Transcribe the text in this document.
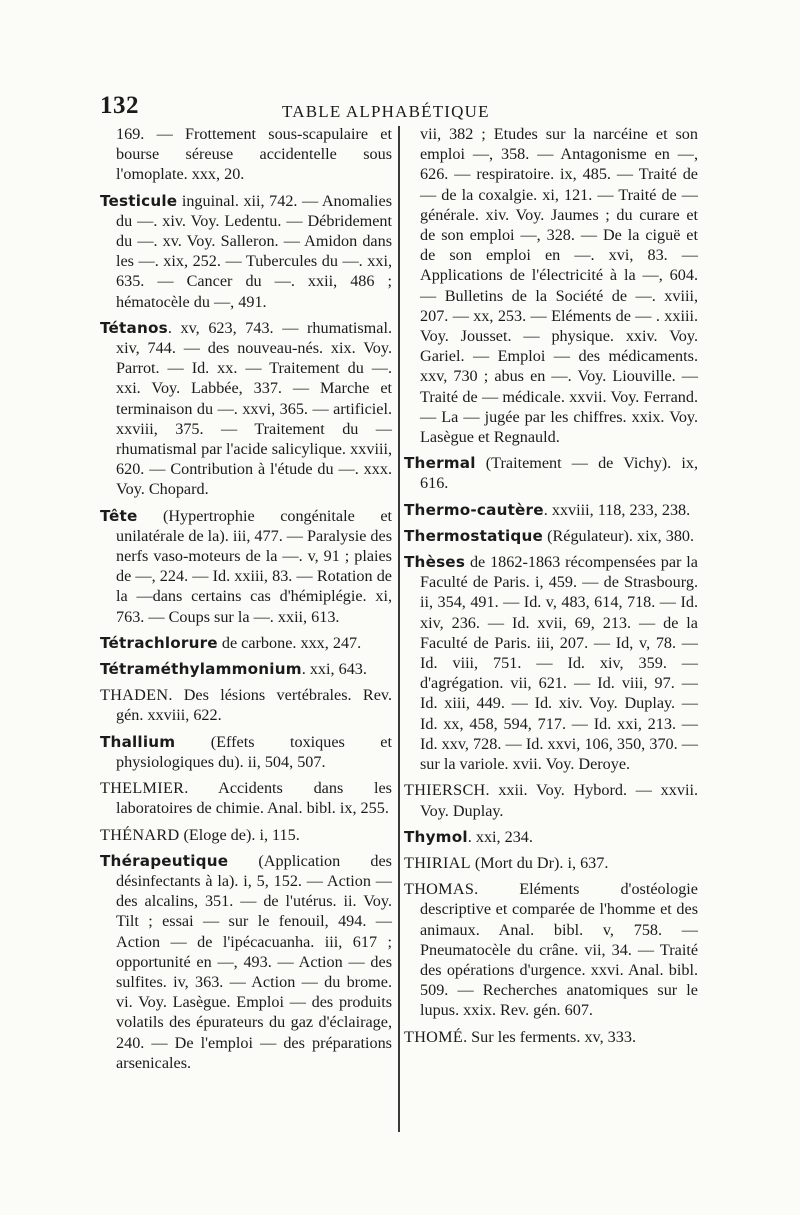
132	TABLE ALPHABÉTIQUE

169. — Frottement sous-scapulaire et bourse séreuse accidentelle sous l'omoplate. xxx, 20.

Testicule inguinal. xii, 742. — Anomalies du —. xiv. Voy. Ledentu. — Débridement du —. xv. Voy. Salleron. — Amidon dans les —. xix, 252. — Tubercules du —. xxi, 635. — Cancer du —. xxii, 486 ; hématocèle du —, 491.

Tétanos. xv, 623, 743. — rhumatismal. xiv, 744. — des nouveau-nés. xix. Voy. Parrot. — Id. xx. — Traitement du —. xxi. Voy. Labbée, 337. — Marche et terminaison du —. xxvi, 365. — artificiel. xxviii, 375. — Traitement du — rhumatismal par l'acide salicylique. xxviii, 620. — Contribution à l'étude du —. xxx. Voy. Chopard.

Tête (Hypertrophie congénitale et unilatérale de la). iii, 477. — Paralysie des nerfs vaso-moteurs de la —. v, 91 ; plaies de —, 224. — Id. xxiii, 83. — Rotation de la —dans certains cas d'hémiplégie. xi, 763. — Coups sur la —. xxii, 613.

Tétrachlorure de carbone. xxx, 247.

Tétraméthylammonium. xxi, 643.

THADEN. Des lésions vertébrales. Rev. gén. xxviii, 622.

Thallium (Effets toxiques et physiologiques du). ii, 504, 507.

THELMIER. Accidents dans les laboratoires de chimie. Anal. bibl. ix, 255.

THÉNARD (Eloge de). i, 115.

Thérapeutique (Application des désinfectants à la). i, 5, 152. — Action — des alcalins, 351. — de l'utérus. ii. Voy. Tilt ; essai — sur le fenouil, 494. — Action — de l'ipécacuanha. iii, 617 ; opportunité en —, 493. — Action — des sulfites. iv, 363. — Action — du brome. vi. Voy. Lasègue. Emploi — des produits volatils des épurateurs du gaz d'éclairage, 240. — De l'emploi — des préparations arsenicales.

vii, 382 ; Etudes sur la narcéine et son emploi —, 358. — Antagonisme en —, 626. — respiratoire. ix, 485. — Traité de — de la coxalgie. xi, 121. — Traité de — générale. xiv. Voy. Jaumes ; du curare et de son emploi —, 328. — De la ciguë et de son emploi en —. xvi, 83. — Applications de l'électricité à la —, 604. — Bulletins de la Société de —. xviii, 207. — xx, 253. — Eléments de — . xxiii. Voy. Jousset. — physique. xxiv. Voy. Gariel. — Emploi — des médicaments. xxv, 730 ; abus en —. Voy. Liouville. — Traité de — médicale. xxvii. Voy. Ferrand. — La — jugée par les chiffres. xxix. Voy. Lasègue et Regnauld.

Thermal (Traitement — de Vichy). ix, 616.

Thermo-cautère. xxviii, 118, 233, 238.

Thermostatique (Régulateur). xix, 380.

Thèses de 1862-1863 récompensées par la Faculté de Paris. i, 459. — de Strasbourg. ii, 354, 491. — Id. v, 483, 614, 718. — Id. xiv, 236. — Id. xvii, 69, 213. — de la Faculté de Paris. iii, 207. — Id, v, 78. — Id. viii, 751. — Id. xiv, 359. — d'agrégation. vii, 621. — Id. viii, 97. — Id. xiii, 449. — Id. xiv. Voy. Duplay. — Id. xx, 458, 594, 717. — Id. xxi, 213. — Id. xxv, 728. — Id. xxvi, 106, 350, 370. — sur la variole. xvii. Voy. Deroye.

THIERSCH. xxii. Voy. Hybord. — xxvii. Voy. Duplay.

Thymol. xxi, 234.

THIRIAL (Mort du Dr). i, 637.

THOMAS. Eléments d'ostéologie descriptive et comparée de l'homme et des animaux. Anal. bibl. v, 758. — Pneumatocèle du crâne. vii, 34. — Traité des opérations d'urgence. xxvi. Anal. bibl. 509. — Recherches anatomiques sur le lupus. xxix. Rev. gén. 607.

THOMÉ. Sur les ferments. xv, 333.
